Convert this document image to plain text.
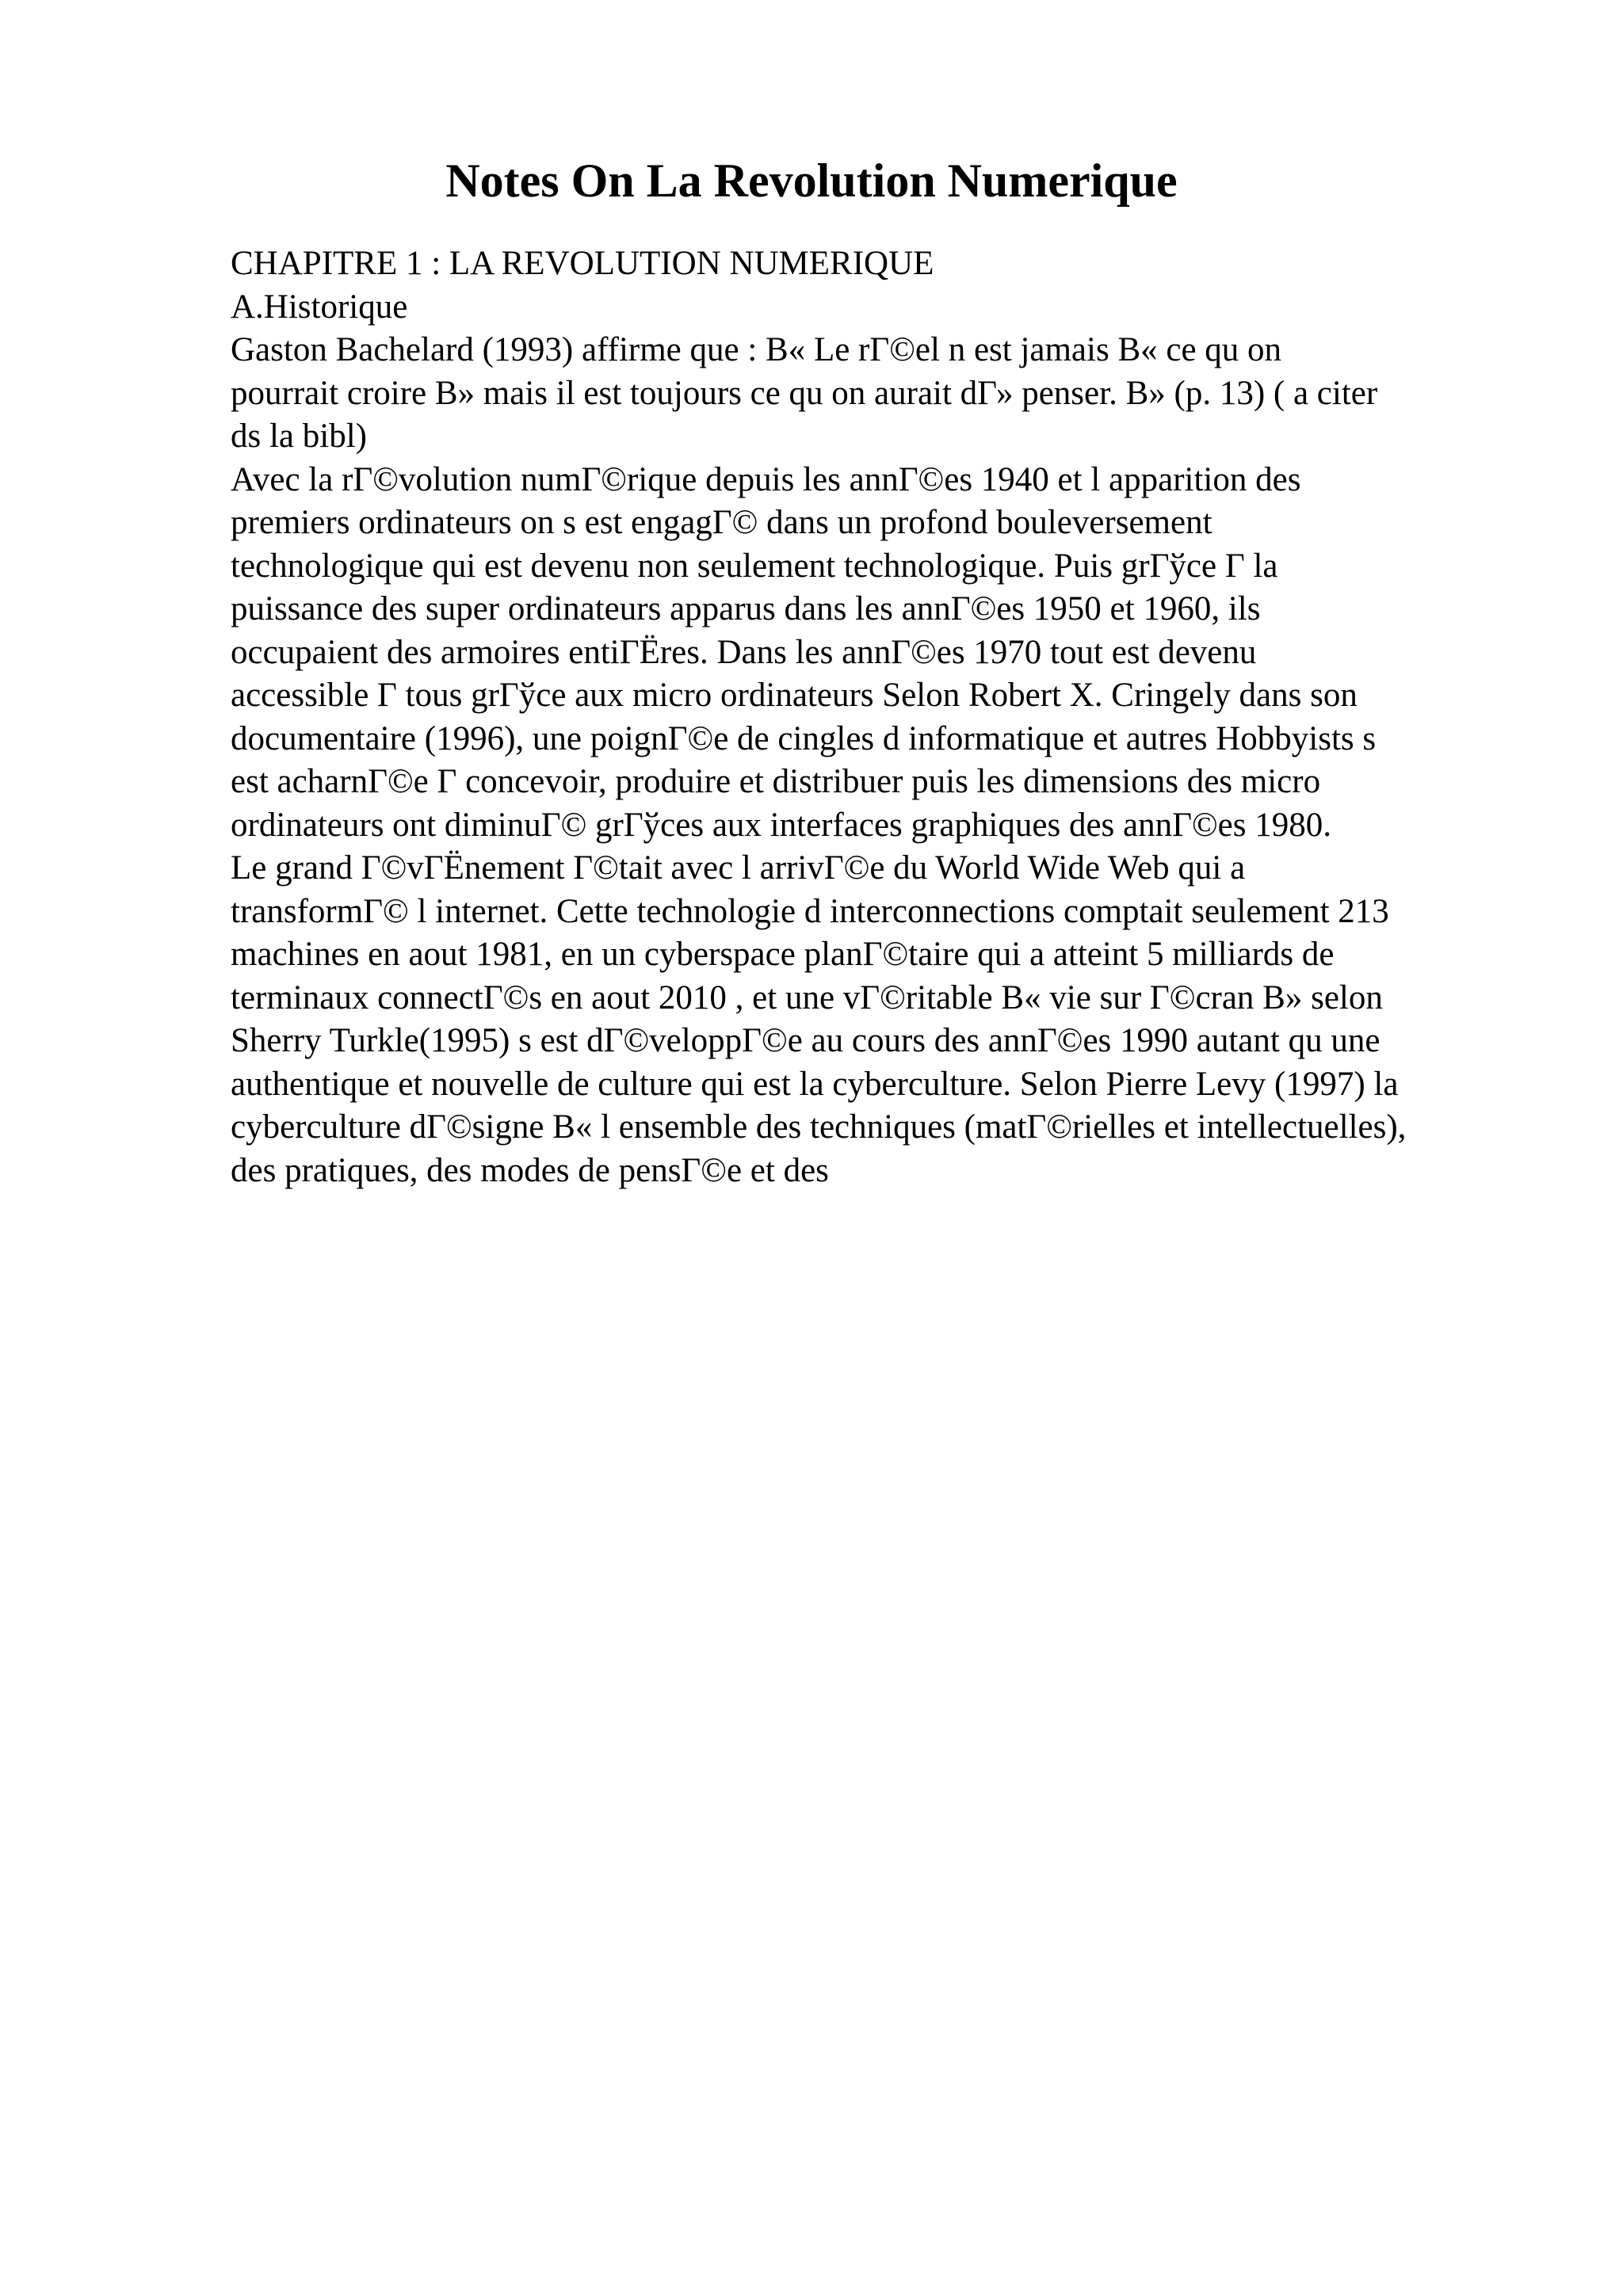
Notes On La Revolution Numerique
CHAPITRE 1 : LA REVOLUTION NUMERIQUE
A.Historique
Gaston Bachelard (1993) affirme que : В« Le rГ©el n est jamais В« ce qu on
pourrait croire В» mais il est toujours ce qu on aurait dГ» penser. В» (p. 13) ( a citer
ds la bibl)
Avec la rГ©volution numГ©rique depuis les annГ©es 1940 et l apparition des
premiers ordinateurs on s est engagГ© dans un profond bouleversement
technologique qui est devenu non seulement technologique. Puis grГўce Г la
puissance des super ordinateurs apparus dans les annГ©es 1950 et 1960, ils
occupaient des armoires entiГЁres. Dans les annГ©es 1970 tout est devenu
accessible Г tous grГўce aux micro ordinateurs Selon Robert X. Cringely dans son
documentaire (1996), une poignГ©e de cingles d informatique et autres Hobbyists s
est acharnГ©e Г concevoir, produire et distribuer puis les dimensions des micro
ordinateurs ont diminuГ© grГўces aux interfaces graphiques des annГ©es 1980.
Le grand Г©vГЁnement Г©tait avec l arrivГ©e du World Wide Web qui a
transformГ© l internet. Cette technologie d interconnections comptait seulement 213
machines en aout 1981, en un cyberspace planГ©taire qui a atteint 5 milliards de
terminaux connectГ©s en aout 2010 , et une vГ©ritable В« vie sur Г©cran В» selon
Sherry Turkle(1995) s est dГ©veloppГ©e au cours des annГ©es 1990 autant qu une
authentique et nouvelle de culture qui est la cyberculture. Selon Pierre Levy (1997) la
cyberculture dГ©signe В« l ensemble des techniques (matГ©rielles et intellectuelles),
des pratiques, des modes de pensГ©e et des
